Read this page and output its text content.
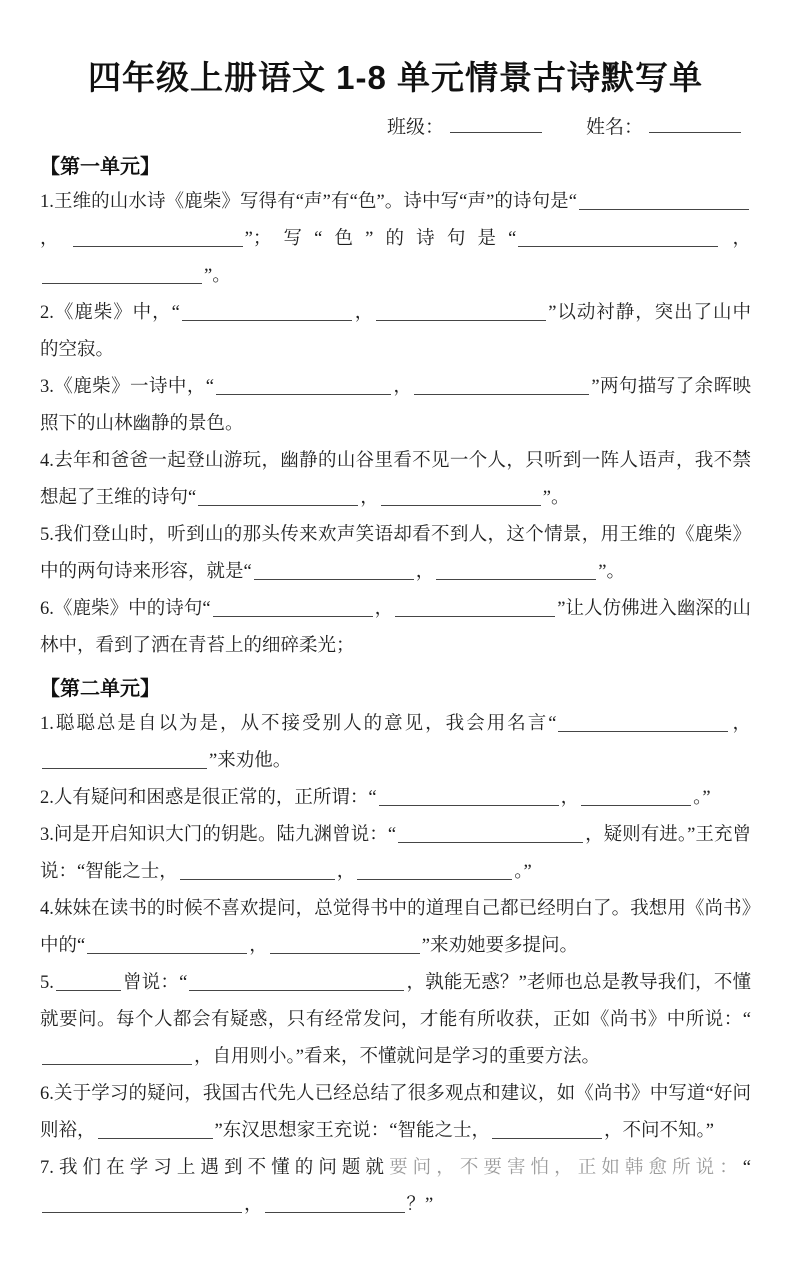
四年级上册语文 1-8 单元情景古诗默写单
班级：	姓名：
【第一单元】

1.王维的山水诗《鹿柴》写得有“声”有“色”。诗中写“声”的诗句是“，	”；写“色”的诗句是“	，”。

2.《鹿柴》中，“	，	”以动衬静，突出了山中的空寂。

3.《鹿柴》一诗中，“	，	”两句描写了余晖映照下的山林幽静的景色。

4.去年和爸爸一起登山游玩，幽静的山谷里看不见一个人，只听到一阵人语声，我不禁想起了王维的诗句“	，	”。

5.我们登山时，听到山的那头传来欢声笑语却看不到人，这个情景，用王维的《鹿柴》中的两句诗来形容，就是“	，	”。

6.《鹿柴》中的诗句“	，	”让人仿佛进入幽深的山林中，看到了洒在青苔上的细碎柔光；

【第二单元】

1.聪聪总是自以为是，从不接受别人的意见，我会用名言“	，”来劝他。

2.人有疑问和困惑是很正常的，正所谓：“	，	。”

3.问是开启知识大门的钥匙。陆九渊曾说：“	，疑则有进。”王充曾说：“智能之士，	，	。”

4.妹妹在读书的时候不喜欢提问，总觉得书中的道理自己都已经明白了。我想用《尚书》中的“	，	”来劝她要多提问。

5.	曾说：“	，孰能无惑？”老师也总是教导我们，不懂就要问。每个人都会有疑惑，只有经常发问，才能有所收获，正如《尚书》中所说：“，自用则小。”看来，不懂就问是学习的重要方法。

6.关于学习的疑问，我国古代先人已经总结了很多观点和建议，如《尚书》中写道“好问则裕，	”东汉思想家王充说：“智能之士，	，不问不知。”

7.我们在学习上遇到不懂的问题就要问，不要害怕，正如韩愈所说：“，	？”
